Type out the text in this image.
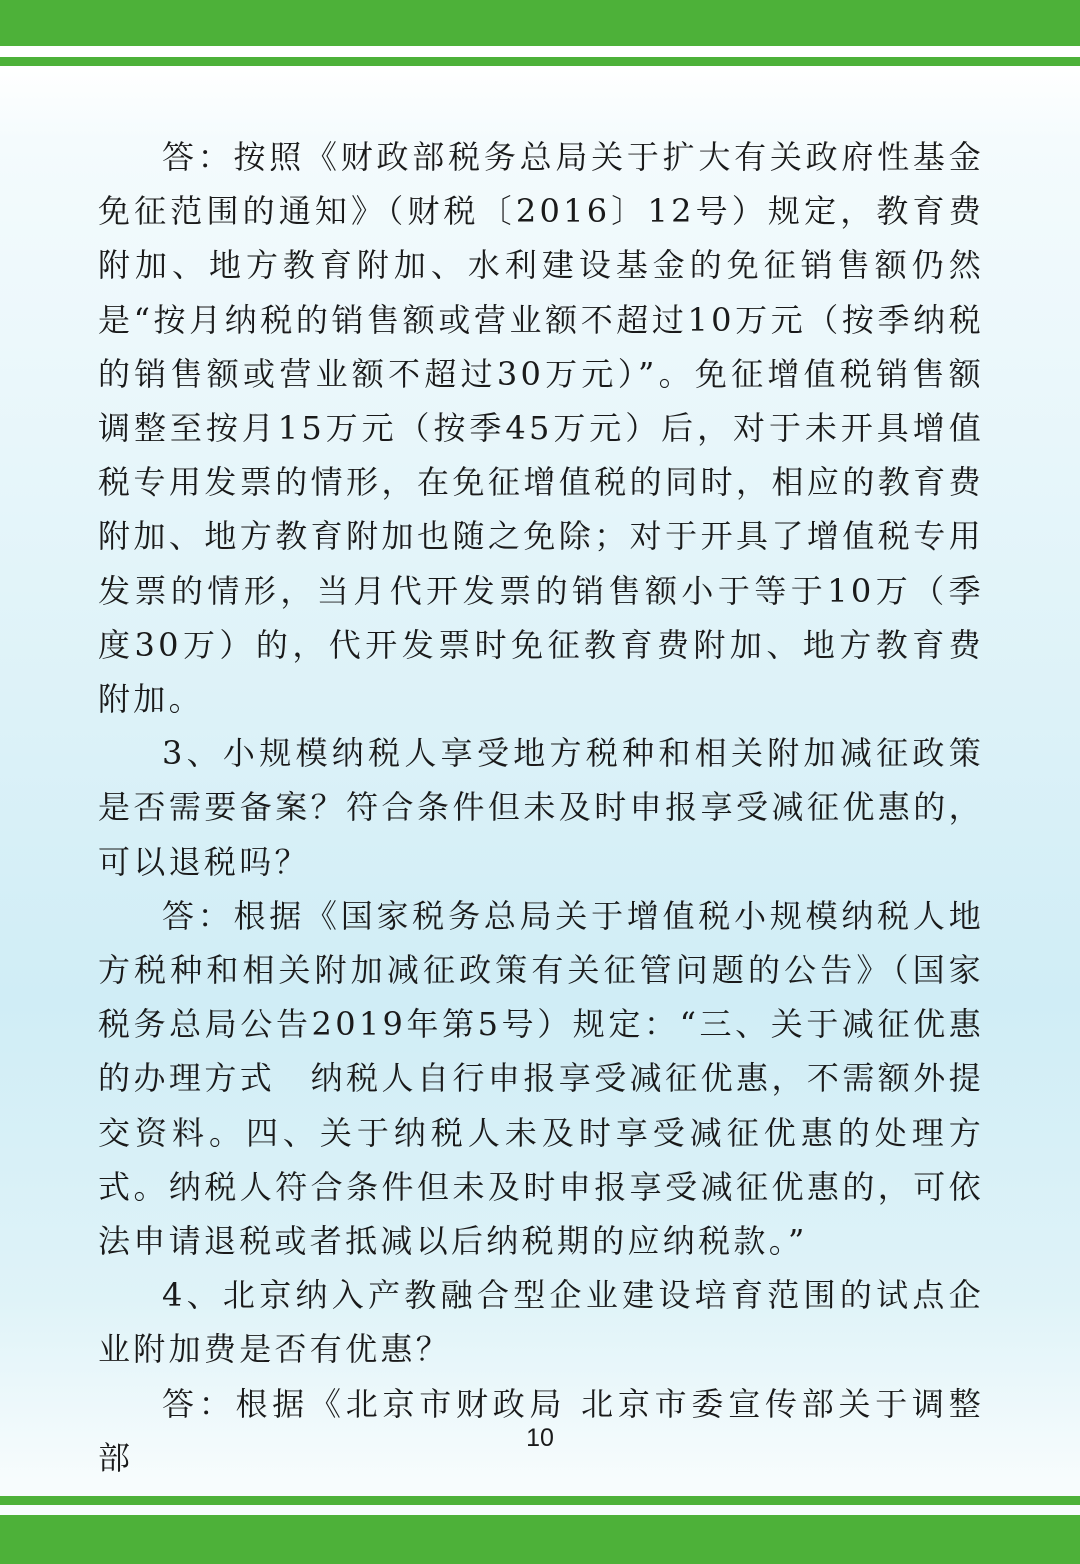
答：按照《财政部税务总局关于扩大有关政府性基金免征范围的通知》（财税〔2016〕12号）规定，教育费附加、地方教育附加、水利建设基金的免征销售额仍然是“按月纳税的销售额或营业额不超过10万元（按季纳税的销售额或营业额不超过30万元）”。免征增值税销售额调整至按月15万元（按季45万元）后，对于未开具增值税专用发票的情形，在免征增值税的同时，相应的教育费附加、地方教育附加也随之免除；对于开具了增值税专用发票的情形，当月代开发票的销售额小于等于10万（季度30万）的，代开发票时免征教育费附加、地方教育费附加。

3、小规模纳税人享受地方税种和相关附加减征政策是否需要备案？符合条件但未及时申报享受减征优惠的，可以退税吗？

答：根据《国家税务总局关于增值税小规模纳税人地方税种和相关附加减征政策有关征管问题的公告》（国家税务总局公告2019年第5号）规定：“三、关于减征优惠的办理方式　纳税人自行申报享受减征优惠，不需额外提交资料。四、关于纳税人未及时享受减征优惠的处理方式。纳税人符合条件但未及时申报享受减征优惠的，可依法申请退税或者抵减以后纳税期的应纳税款。”

4、北京纳入产教融合型企业建设培育范围的试点企业附加费是否有优惠？

答：根据《北京市财政局 北京市委宣传部关于调整部

10
